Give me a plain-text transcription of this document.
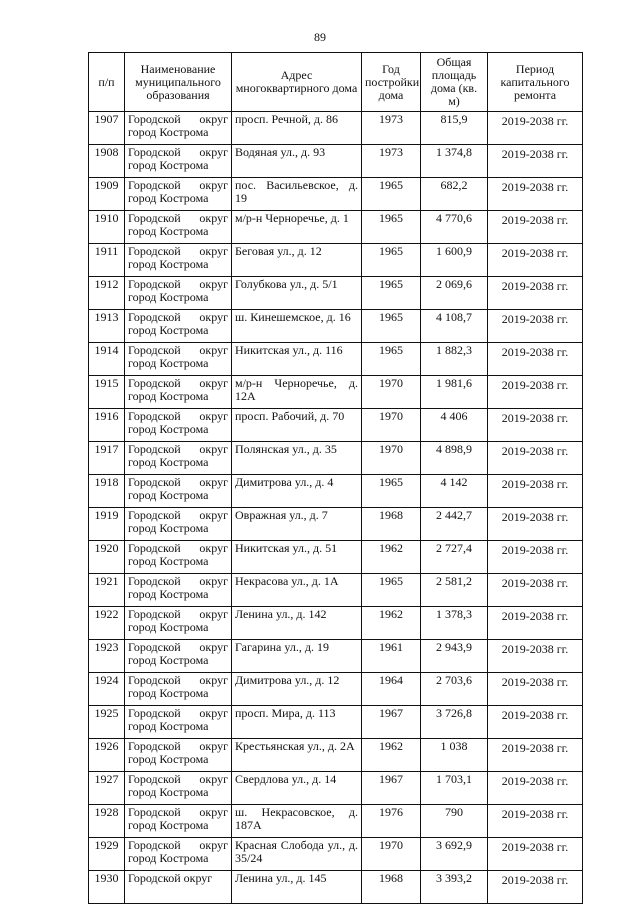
89
п/п	Наименование муниципального образования	Адрес многоквартирного дома	Год постройки дома	Общая площадь дома (кв. м)	Период капитального ремонта
1907	Городской округ город Кострома	просп. Речной, д. 86	1973	815,9	2019-2038 гг.
1908	Городской округ город Кострома	Водяная ул., д. 93	1973	1 374,8	2019-2038 гг.
1909	Городской округ город Кострома	пос. Васильевское, д. 19	1965	682,2	2019-2038 гг.
1910	Городской округ город Кострома	м/р-н Черноречье, д. 1	1965	4 770,6	2019-2038 гг.
1911	Городской округ город Кострома	Беговая ул., д. 12	1965	1 600,9	2019-2038 гг.
1912	Городской округ город Кострома	Голубкова ул., д. 5/1	1965	2 069,6	2019-2038 гг.
1913	Городской округ город Кострома	ш. Кинешемское, д. 16	1965	4 108,7	2019-2038 гг.
1914	Городской округ город Кострома	Никитская ул., д. 116	1965	1 882,3	2019-2038 гг.
1915	Городской округ город Кострома	м/р-н Черноречье, д. 12А	1970	1 981,6	2019-2038 гг.
1916	Городской округ город Кострома	просп. Рабочий, д. 70	1970	4 406	2019-2038 гг.
1917	Городской округ город Кострома	Полянская ул., д. 35	1970	4 898,9	2019-2038 гг.
1918	Городской округ город Кострома	Димитрова ул., д. 4	1965	4 142	2019-2038 гг.
1919	Городской округ город Кострома	Овражная ул., д. 7	1968	2 442,7	2019-2038 гг.
1920	Городской округ город Кострома	Никитская ул., д. 51	1962	2 727,4	2019-2038 гг.
1921	Городской округ город Кострома	Некрасова ул., д. 1А	1965	2 581,2	2019-2038 гг.
1922	Городской округ город Кострома	Ленина ул., д. 142	1962	1 378,3	2019-2038 гг.
1923	Городской округ город Кострома	Гагарина ул., д. 19	1961	2 943,9	2019-2038 гг.
1924	Городской округ город Кострома	Димитрова ул., д. 12	1964	2 703,6	2019-2038 гг.
1925	Городской округ город Кострома	просп. Мира, д. 113	1967	3 726,8	2019-2038 гг.
1926	Городской округ город Кострома	Крестьянская ул., д. 2А	1962	1 038	2019-2038 гг.
1927	Городской округ город Кострома	Свердлова ул., д. 14	1967	1 703,1	2019-2038 гг.
1928	Городской округ город Кострома	ш. Некрасовское, д. 187А	1976	790	2019-2038 гг.
1929	Городской округ город Кострома	Красная Слобода ул., д. 35/24	1970	3 692,9	2019-2038 гг.
1930	Городской округ	Ленина ул., д. 145	1968	3 393,2	2019-2038 гг.
